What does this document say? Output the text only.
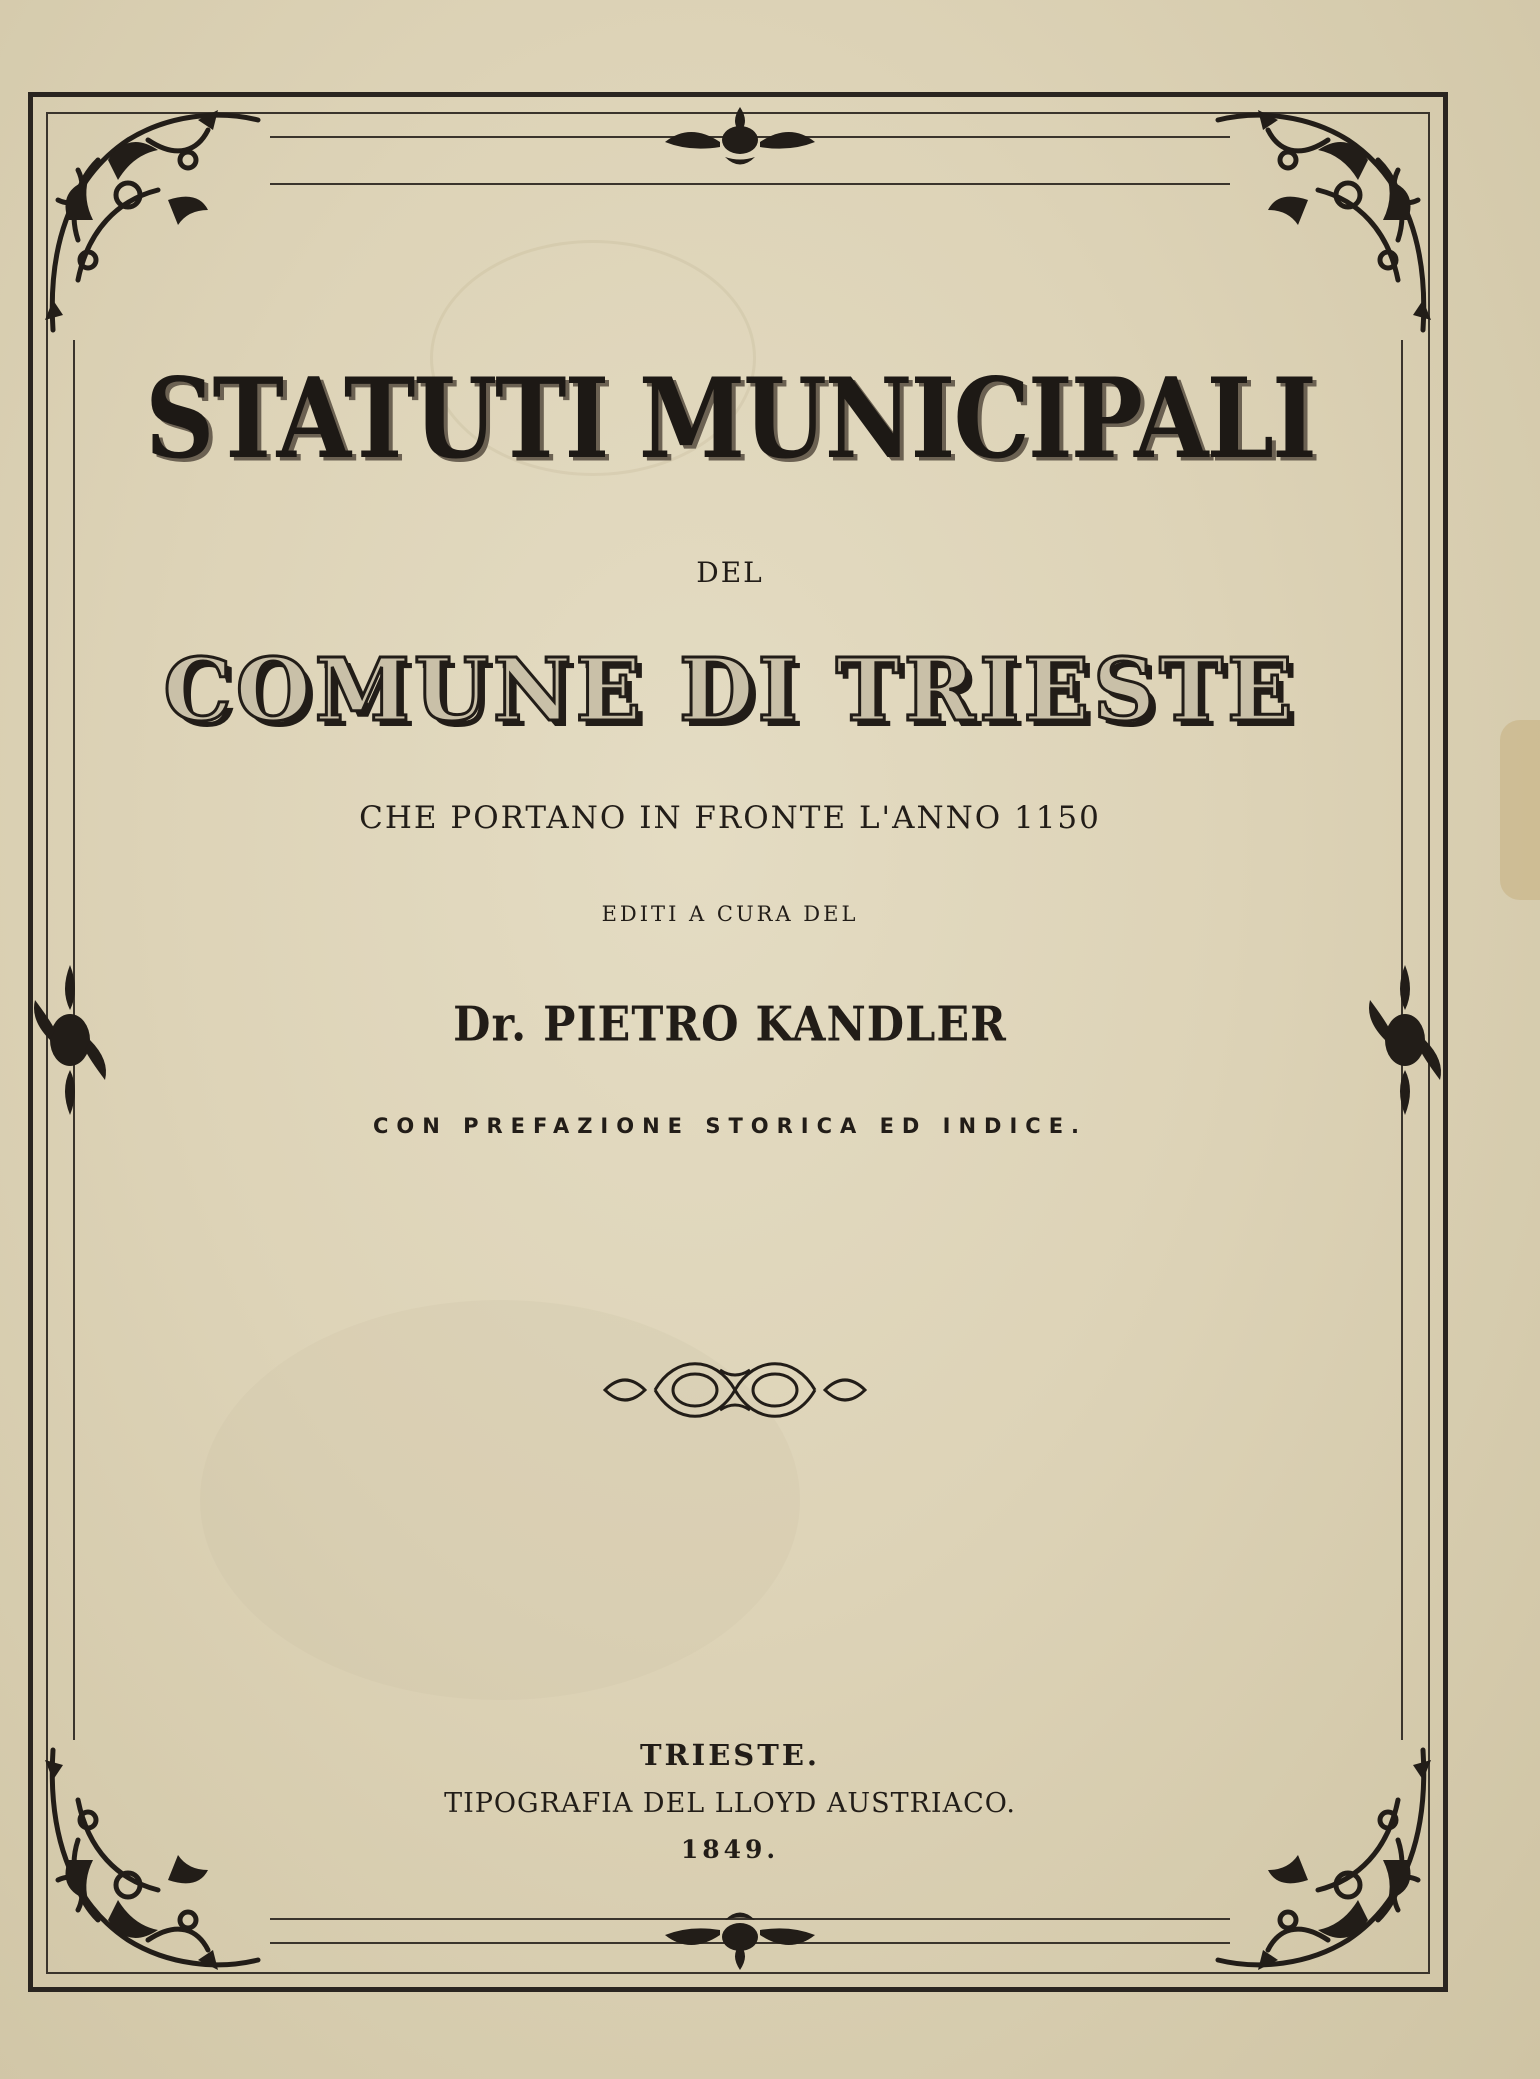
STATUTI MUNICIPALI
DEL
COMUNE DI TRIESTE
CHE PORTANO IN FRONTE L'ANNO 1150
EDITI A CURA DEL
Dr. PIETRO KANDLER
CON PREFAZIONE STORICA ED INDICE.
TRIESTE.
TIPOGRAFIA DEL LLOYD AUSTRIACO.
1849.
